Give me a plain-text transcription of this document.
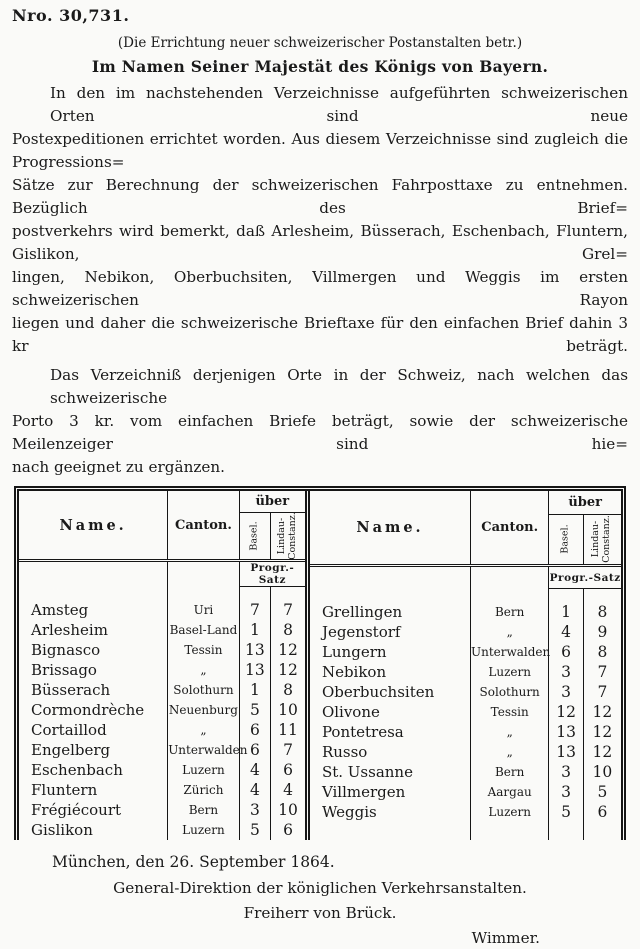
Nro. 30,731.
(Die Errichtung neuer schweizerischer Postanstalten betr.)
Im Namen Seiner Majestät des Königs von Bayern.
In den im nachstehenden Verzeichnisse aufgeführten schweizerischen Orten sind neue
Postexpeditionen errichtet worden. Aus diesem Verzeichnisse sind zugleich die Progressions=
Sätze zur Berechnung der schweizerischen Fahrposttaxe zu entnehmen. Bezüglich des Brief=
postverkehrs wird bemerkt, daß Arlesheim, Büsserach, Eschenbach, Fluntern, Gislikon, Grel=
lingen, Nebikon, Oberbuchsiten, Villmergen und Weggis im ersten schweizerischen Rayon
liegen und daher die schweizerische Brieftaxe für den einfachen Brief dahin 3 kr beträgt.
Das Verzeichniß derjenigen Orte in der Schweiz, nach welchen das schweizerische
Porto 3 kr. vom einfachen Briefe beträgt, sowie der schweizerische Meilenzeiger sind hie=
nach geeignet zu ergänzen.
Name.	Canton.	über	

		Basel.	Lindau- Constanz.

		Progr.-Satz	
Amsteg	Uri	7	7
Arlesheim	Basel-Land	1	8
Bignasco	Tessin	13	12
Brissago	„	13	12
Büsserach	Solothurn	1	8
Cormondrèche	Neuenburg	5	10
Cortaillod	„	6	11
Engelberg	Unterwalden	6	7
Eschenbach	Luzern	4	6
Fluntern	Zürich	4	4
Frégiécourt	Bern	3	10
Gislikon	Luzern	5	6

Name.	Canton.	über	

		Basel.	Lindau- Constanz.

		Progr.-Satz	
Grellingen	Bern	1	8
Jegenstorf	„	4	9
Lungern	Unterwalden	6	8
Nebikon	Luzern	3	7
Oberbuchsiten	Solothurn	3	7
Olivone	Tessin	12	12
Pontetresa	„	13	12
Russo	„	13	12
St. Ussanne	Bern	3	10
Villmergen	Aargau	3	5
Weggis	Luzern	5	6

München, den 26. September 1864.
General-Direktion der königlichen Verkehrsanstalten.
Freiherr von Brück.
Wimmer.
